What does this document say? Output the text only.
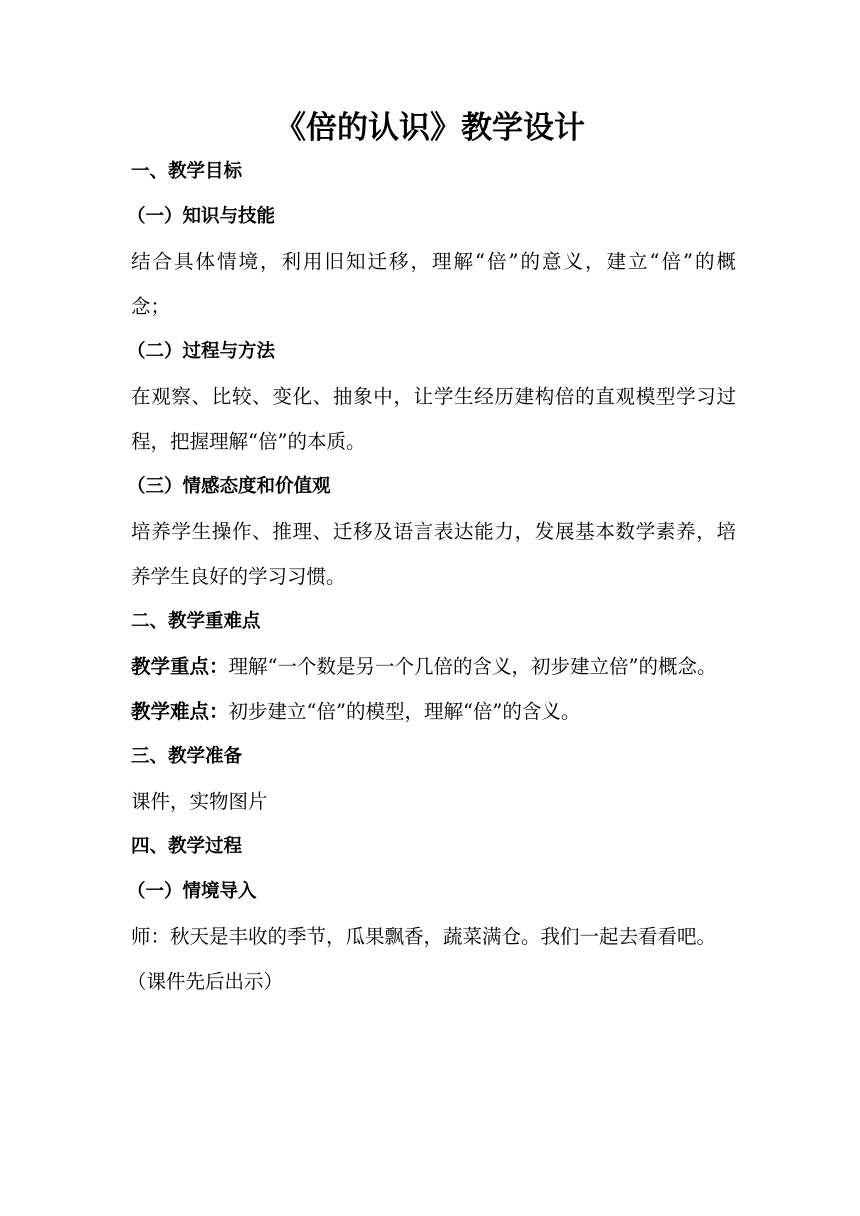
《倍的认识》教学设计

一、教学目标

（一）知识与技能

结合具体情境，利用旧知迁移，理解“倍”的意义，建立“倍”的概

念；

（二）过程与方法

在观察、比较、变化、抽象中，让学生经历建构倍的直观模型学习过

程，把握理解“倍”的本质。

（三）情感态度和价值观

培养学生操作、推理、迁移及语言表达能力，发展基本数学素养，培

养学生良好的学习习惯。

二、教学重难点

教学重点：理解“一个数是另一个几倍的含义，初步建立倍”的概念。

教学难点：初步建立“倍”的模型，理解“倍”的含义。

三、教学准备

课件，实物图片

四、教学过程

（一）情境导入

师：秋天是丰收的季节，瓜果飘香，蔬菜满仓。我们一起去看看吧。

（课件先后出示）
